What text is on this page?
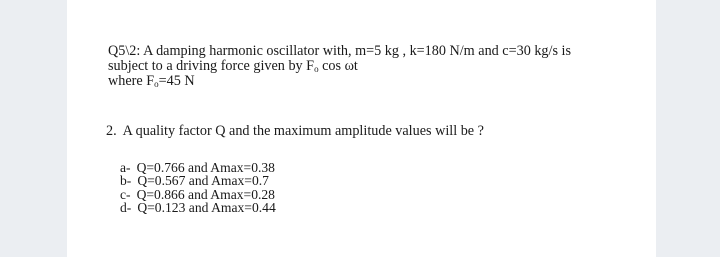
Q5\2: A damping harmonic oscillator with, m=5 kg , k=180 N/m and c=30 kg/s is
subject to a driving force given by $F_o$ cos ωt
where $F_o=45$ N
2. A quality factor Q and the maximum amplitude values will be ?
a- Q=0.766 and Amax=0.38
b- Q=0.567 and Amax=0.7
c- Q=0.866 and Amax=0.28
d- Q=0.123 and Amax=0.44
